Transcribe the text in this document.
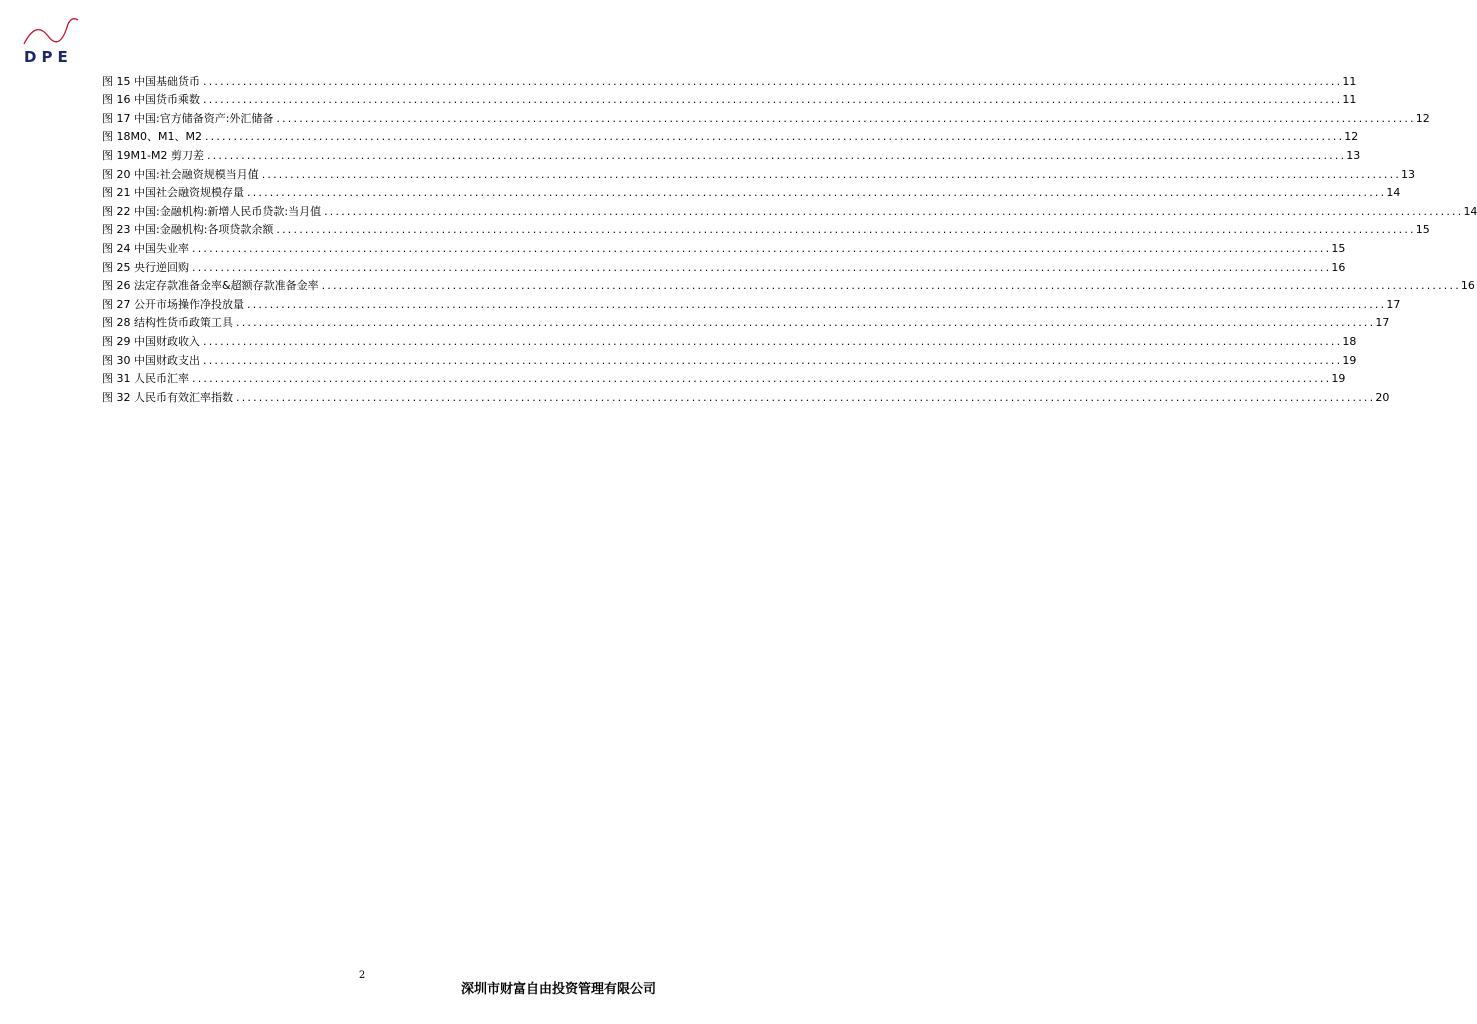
DPE
图 15 中国基础货币 ........................................................................................................................................................................................................ 11
图 16 中国货币乘数 ........................................................................................................................................................................................................ 11
图 17 中国:官方储备资产:外汇储备 ........................................................................................................................................................................................................ 12
图 18M0、M1、M2 ........................................................................................................................................................................................................ 12
图 19M1-M2 剪刀差 ........................................................................................................................................................................................................ 13
图 20 中国:社会融资规模当月值 ........................................................................................................................................................................................................ 13
图 21 中国社会融资规模存量 ........................................................................................................................................................................................................ 14
图 22 中国:金融机构:新增人民币贷款:当月值 ........................................................................................................................................................................................................ 14
图 23 中国:金融机构:各项贷款余额 ........................................................................................................................................................................................................ 15
图 24 中国失业率 ........................................................................................................................................................................................................ 15
图 25 央行逆回购 ........................................................................................................................................................................................................ 16
图 26 法定存款准备金率&超额存款准备金率 ........................................................................................................................................................................................................ 16
图 27 公开市场操作净投放量 ........................................................................................................................................................................................................ 17
图 28 结构性货币政策工具 ........................................................................................................................................................................................................ 17
图 29 中国财政收入 ........................................................................................................................................................................................................ 18
图 30 中国财政支出 ........................................................................................................................................................................................................ 19
图 31 人民币汇率 ........................................................................................................................................................................................................ 19
图 32 人民币有效汇率指数 ........................................................................................................................................................................................................ 20
2
深圳市财富自由投资管理有限公司
